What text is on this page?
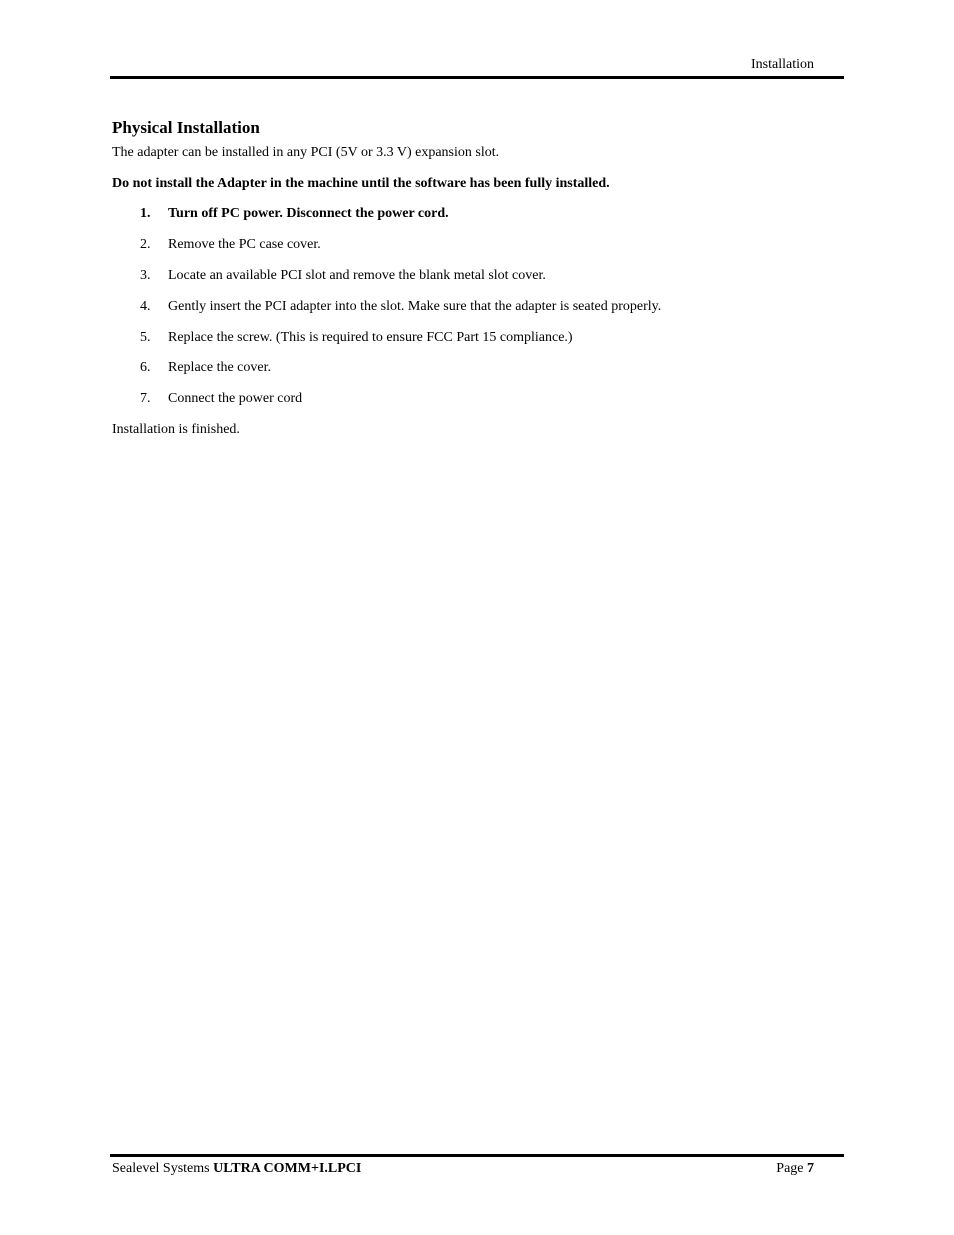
Installation
Physical Installation

The adapter can be installed in any PCI (5V or 3.3 V) expansion slot.

Do not install the Adapter in the machine until the software has been fully installed.

1. Turn off PC power. Disconnect the power cord.
2. Remove the PC case cover.
3. Locate an available PCI slot and remove the blank metal slot cover.
4. Gently insert the PCI adapter into the slot. Make sure that the adapter is seated properly.
5. Replace the screw. (This is required to ensure FCC Part 15 compliance.)
6. Replace the cover.
7. Connect the power cord

Installation is finished.

Sealevel Systems ULTRA COMM+I.LPCI	Page 7
